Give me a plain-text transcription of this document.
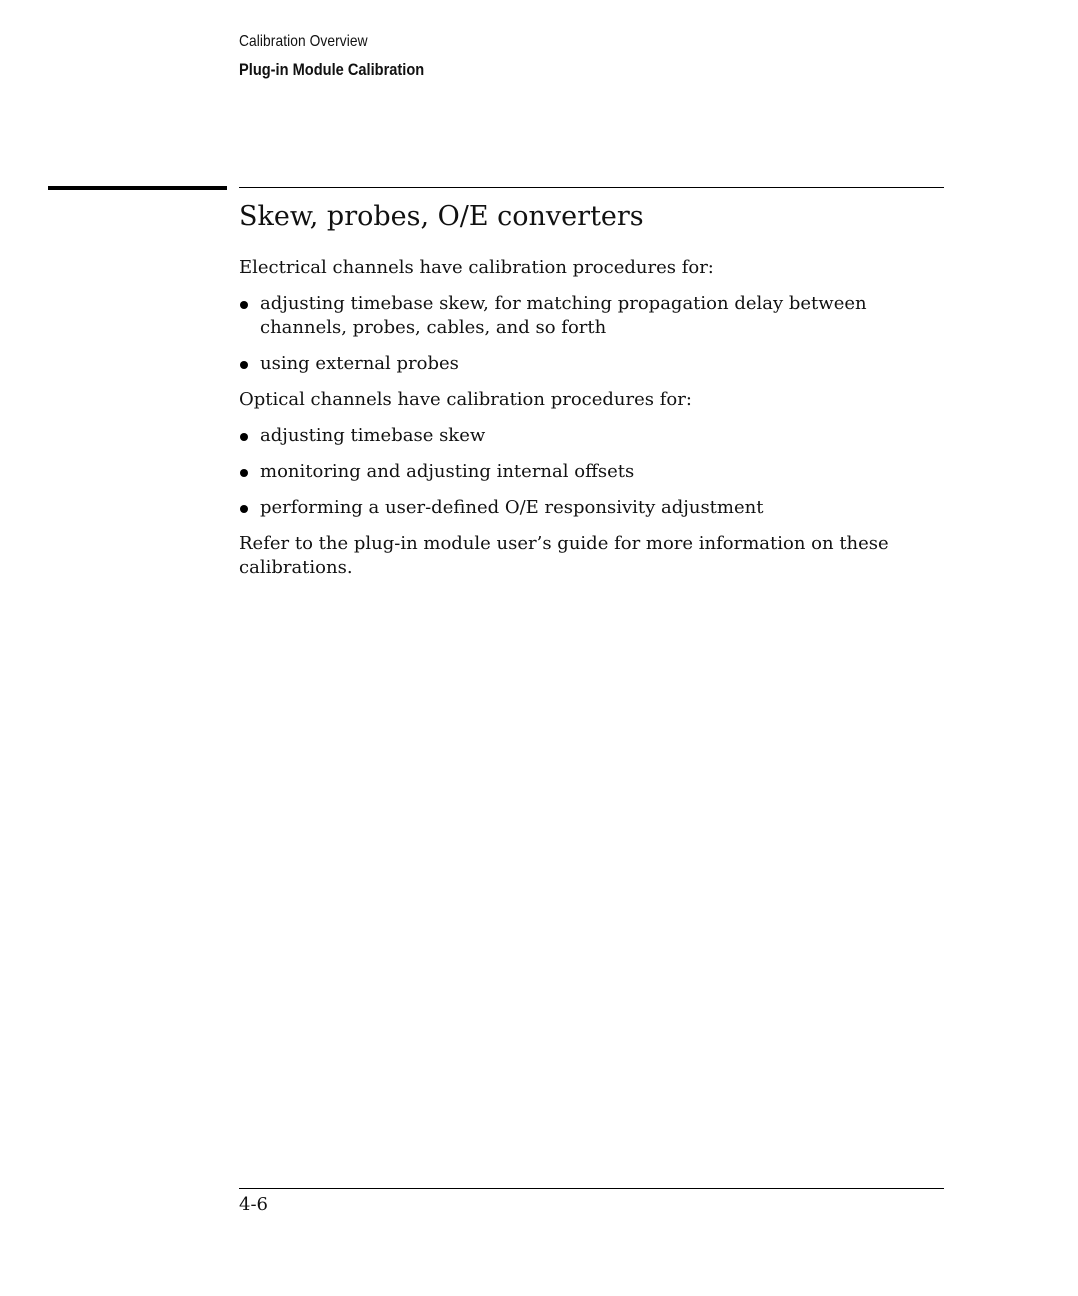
Calibration Overview
Plug-in Module Calibration
Skew, probes, O/E converters

Electrical channels have calibration procedures for:

adjusting timebase skew, for matching propagation delay between channels, probes, cables, and so forth
using external probes

Optical channels have calibration procedures for:

adjusting timebase skew
monitoring and adjusting internal offsets
performing a user-defined O/E responsivity adjustment

Refer to the plug-in module user’s guide for more information on these calibrations.

4-6
